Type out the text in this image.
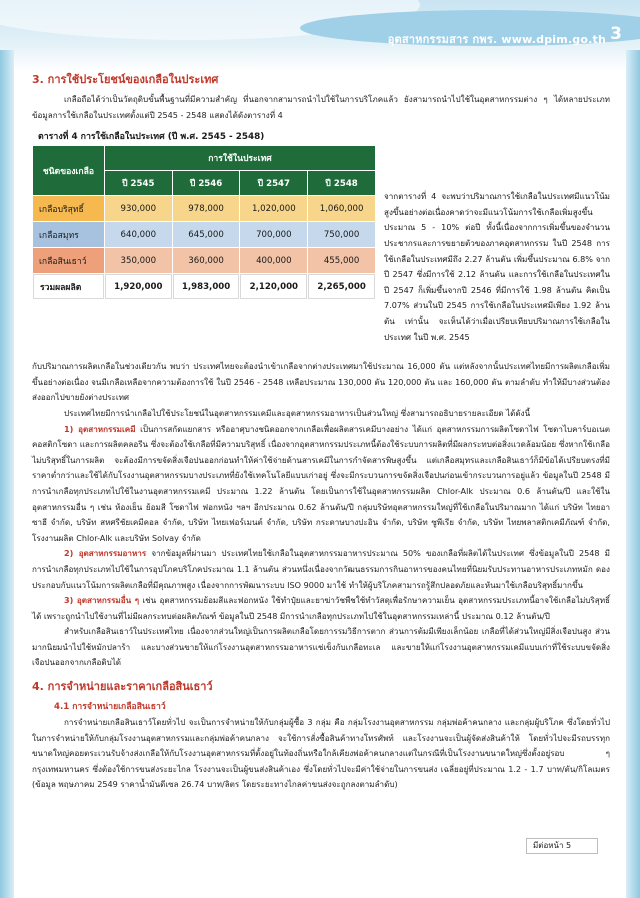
อุตสาหกรรมสาร กพร. www.dpim.go.th 3
3. การใช้ประโยชน์ของเกลือในประเทศ

เกลือถือได้ว่าเป็นวัตถุดิบขั้นพื้นฐานที่มีความสำคัญ ที่นอกจากสามารถนำไปใช้ในการบริโภคแล้ว ยังสามารถนำไปใช้ในอุตสาหกรรมต่าง ๆ ได้หลายประเภท ข้อมูลการใช้เกลือในประเทศตั้งแต่ปี 2545 - 2548 แสดงได้ดังตารางที่ 4

ตารางที่ 4 การใช้เกลือในประเทศ (ปี พ.ศ. 2545 - 2548)
ชนิดของเกลือ	การใช้ในประเทศ			
	ปี 2545	ปี 2546	ปี 2547	ปี 2548
เกลือบริสุทธิ์	930,000	978,000	1,020,000	1,060,000
เกลือสมุทร	640,000	645,000	700,000	750,000
เกลือสินเธาว์	350,000	360,000	400,000	455,000
รวมผลผลิต	1,920,000	1,983,000	2,120,000	2,265,000

จากตารางที่ 4 จะพบว่าปริมาณการใช้เกลือในประเทศมีแนวโน้มสูงขึ้นอย่างต่อเนื่องคาดว่าจะมีแนวโน้มการใช้เกลือเพิ่มสูงขึ้นประมาณ 5 - 10% ต่อปี ทั้งนี้เนื่องจากการเพิ่มขึ้นของจำนวนประชากรและการขยายตัวของภาคอุตสาหกรรม ในปี 2548 การใช้เกลือในประเทศมีถึง 2.27 ล้านตัน เพิ่มขึ้นประมาณ 6.8% จากปี 2547 ซึ่งมีการใช้ 2.12 ล้านตัน และการใช้เกลือในประเทศในปี 2547 ก็เพิ่มขึ้นจากปี 2546 ที่มีการใช้ 1.98 ล้านตัน คิดเป็น 7.07% ส่วนในปี 2545 การใช้เกลือในประเทศมีเพียง 1.92 ล้านตัน เท่านั้น จะเห็นได้ว่าเมื่อเปรียบเทียบปริมาณการใช้เกลือในประเทศ ในปี พ.ศ. 2545

กับปริมาณการผลิตเกลือในช่วงเดียวกัน พบว่า ประเทศไทยจะต้องนำเข้าเกลือจากต่างประเทศมาใช้ประมาณ 16,000 ตัน แต่หลังจากนั้นประเทศไทยมีการผลิตเกลือเพิ่มขึ้นอย่างต่อเนื่อง จนมีเกลือเหลือจากความต้องการใช้ ในปี 2546 - 2548 เหลือประมาณ 130,000 ตัน 120,000 ตัน และ 160,000 ตัน ตามลำดับ ทำให้มีบางส่วนต้องส่งออกไปขายยังต่างประเทศ

ประเทศไทยมีการนำเกลือไปใช้ประโยชน์ในอุตสาหกรรมเคมีและอุตสาหกรรมอาหารเป็นส่วนใหญ่ ซึ่งสามารถอธิบายรายละเอียด ได้ดังนี้

1) อุตสาหกรรมเคมี เป็นการสกัดแยกสาร หรืออาศุบางชนิดออกจากเกลือเพื่อผลิตสารเคมีบางอย่าง ได้แก่ อุตสาหกรรมการผลิตโซดาไฟ โซดาไบคาร์บอเนต คอสติกโซดา และการผลิตคลอรีน ซึ่งจะต้องใช้เกลือที่มีความบริสุทธิ์ เนื่องจากอุตสาหกรรมประเภทนี้ต้องใช้ระบบการผลิตที่มีผลกระทบต่อสิ่งแวดล้อมน้อย ซึ่งหากใช้เกลือไม่บริสุทธิ์ในการผลิต จะต้องมีการขจัดสิ่งเจือปนออกก่อนทำให้ค่าใช้จ่ายด้านสารเคมีในการกำจัดสารพิษสูงขึ้น แต่เกลือสมุทรและเกลือสินเธาว์ก็มีข้อได้เปรียบตรงที่มีราคาต่ำกว่าและใช้ได้กับโรงงานอุตสาหกรรมบางประเภทที่ยังใช้เทคโนโลยีแบบเก่าอยู่ ซึ่งจะมีกระบวนการขจัดสิ่งเจือปนก่อนเข้ากระบวนการอยู่แล้ว ข้อมูลในปี 2548 มีการนำเกลือทุกประเภทไปใช้ในงานอุตสาหกรรมเคมี ประมาณ 1.22 ล้านตัน โดยเป็นการใช้ในอุตสาหกรรมผลิต Chlor-Alk ประมาณ 0.6 ล้านตัน/ปี และใช้ในอุตสาหกรรมอื่น ๆ เช่น ห้องเย็น ย้อมสี โซดาไฟ ฟอกหนัง ฯลฯ อีกประมาณ 0.62 ล้านตัน/ปี กลุ่มบริษัทอุตสาหกรรมใหญ่ที่ใช้เกลือในปริมาณมาก ได้แก่ บริษัท ไทยอาซาฮี จำกัด, บริษัท สหศรีชัยเคมีคอล จำกัด, บริษัท ไทยเฟอร์เมนต์ จำกัด, บริษัท กระดาษบางปะอิน จำกัด, บริษัท ซูพีเรีย จำกัด, บริษัท ไทยพลาสติกเคมีภัณฑ์ จำกัด, โรงงานผลิต Chlor-Alk และบริษัท Solvay จำกัด

2) อุตสาหกรรมอาหาร จากข้อมูลที่ผ่านมา ประเทศไทยใช้เกลือในอุตสาหกรรมอาหารประมาณ 50% ของเกลือที่ผลิตได้ในประเทศ ซึ่งข้อมูลในปี 2548 มีการนำเกลือทุกประเภทไปใช้ในการอุปโภคบริโภคประมาณ 1.1 ล้านตัน ส่วนหนึ่งเนื่องจากวัฒนธรรมการกินอาหารของคนไทยที่นิยมรับประทานอาหารประเภทหมัก ดอง ประกอบกับแนวโน้มการผลิตเกลือที่มีคุณภาพสูง เนื่องจากการพัฒนาระบบ ISO 9000 มาใช้ ทำให้ผู้บริโภคสามารถรู้สึกปลอดภัยและหันมาใช้เกลือบริสุทธิ์มากขึ้น

3) อุตสาหกรรมอื่น ๆ เช่น อุตสาหกรรมย้อมสีและฟอกหนัง ใช้ทำปุ๋ยและยาฆ่าวัชพืชใช้ทำวัสดุเพื่อรักษาความเย็น อุตสาหกรรมประเภทนี้อาจใช้เกลือไม่บริสุทธิ์ได้ เพราะถูกนำไปใช้งานที่ไม่มีผลกระทบต่อผลิตภัณฑ์ ข้อมูลในปี 2548 มีการนำเกลือทุกประเภทไปใช้ในอุตสาหกรรมเหล่านี้ ประมาณ 0.12 ล้านตัน/ปี

สำหรับเกลือสินเธาว์ในประเทศไทย เนื่องจากส่วนใหญ่เป็นการผลิตเกลือโดยการรมวิธีการตาก ส่วนการต้มมีเพียงเล็กน้อย เกลือที่ได้ส่วนใหญ่มีสิ่งเจือปนสูง ส่วนมากนิยมนำไปใช้หมักปลาร้า และบางส่วนขายให้แก่โรงงานอุตสาหกรรมอาหารแช่เข็งกับเกลือทะเล และขายให้แก่โรงงานอุตสาหกรรมเคมีแบบเก่าที่ใช้ระบบขจัดสิ่งเจือปนออกจากเกลือดิบได้

4. การจำหน่ายและราคาเกลือสินเธาว์
4.1 การจำหน่ายเกลือสินเธาว์

การจำหน่ายเกลือสินเธาว์โดยทั่วไป จะเป็นการจำหน่ายให้กับกลุ่มผู้ซื้อ 3 กลุ่ม คือ กลุ่มโรงงานอุตสาหกรรม กลุ่มพ่อค้าคนกลาง และกลุ่มผู้บริโภค ซึ่งโดยทั่วไปในการจำหน่ายให้กับกลุ่มโรงงานอุตสาหกรรมและกลุ่มพ่อค้าคนกลาง จะใช้การสั่งซื้อสินค้าทางโทรศัพท์ และโรงงานจะเป็นผู้จัดส่งสินค้าให้ โดยทั่วไปจะมีรถบรรทุกขนาดใหญ่คอยตระเวนรับจ้างส่งเกลือให้กับโรงงานอุตสาหกรรมที่ตั้งอยู่ในท้องถิ่นหรือใกล้เคียงพ่อค้าคนกลางแต่ในกรณีที่เป็นโรงงานขนาดใหญ่ซึ่งตั้งอยู่รอบ ๆ กรุงเทพมหานคร ซึ่งต้องใช้การขนส่งระยะไกล โรงงานจะเป็นผู้ขนส่งสินค้าเอง ซึ่งโดยทั่วไปจะมีค่าใช้จ่ายในการขนส่ง เฉลี่ยอยู่ที่ประมาณ 1.2 - 1.7 บาท/ตัน/กิโลเมตร (ข้อมูล พฤษภาคม 2549 ราคาน้ำมันดีเซล 26.74 บาท/ลิตร โดยระยะทางไกลค่าขนส่งจะถูกลงตามลำดับ)

มีต่อหน้า 5
